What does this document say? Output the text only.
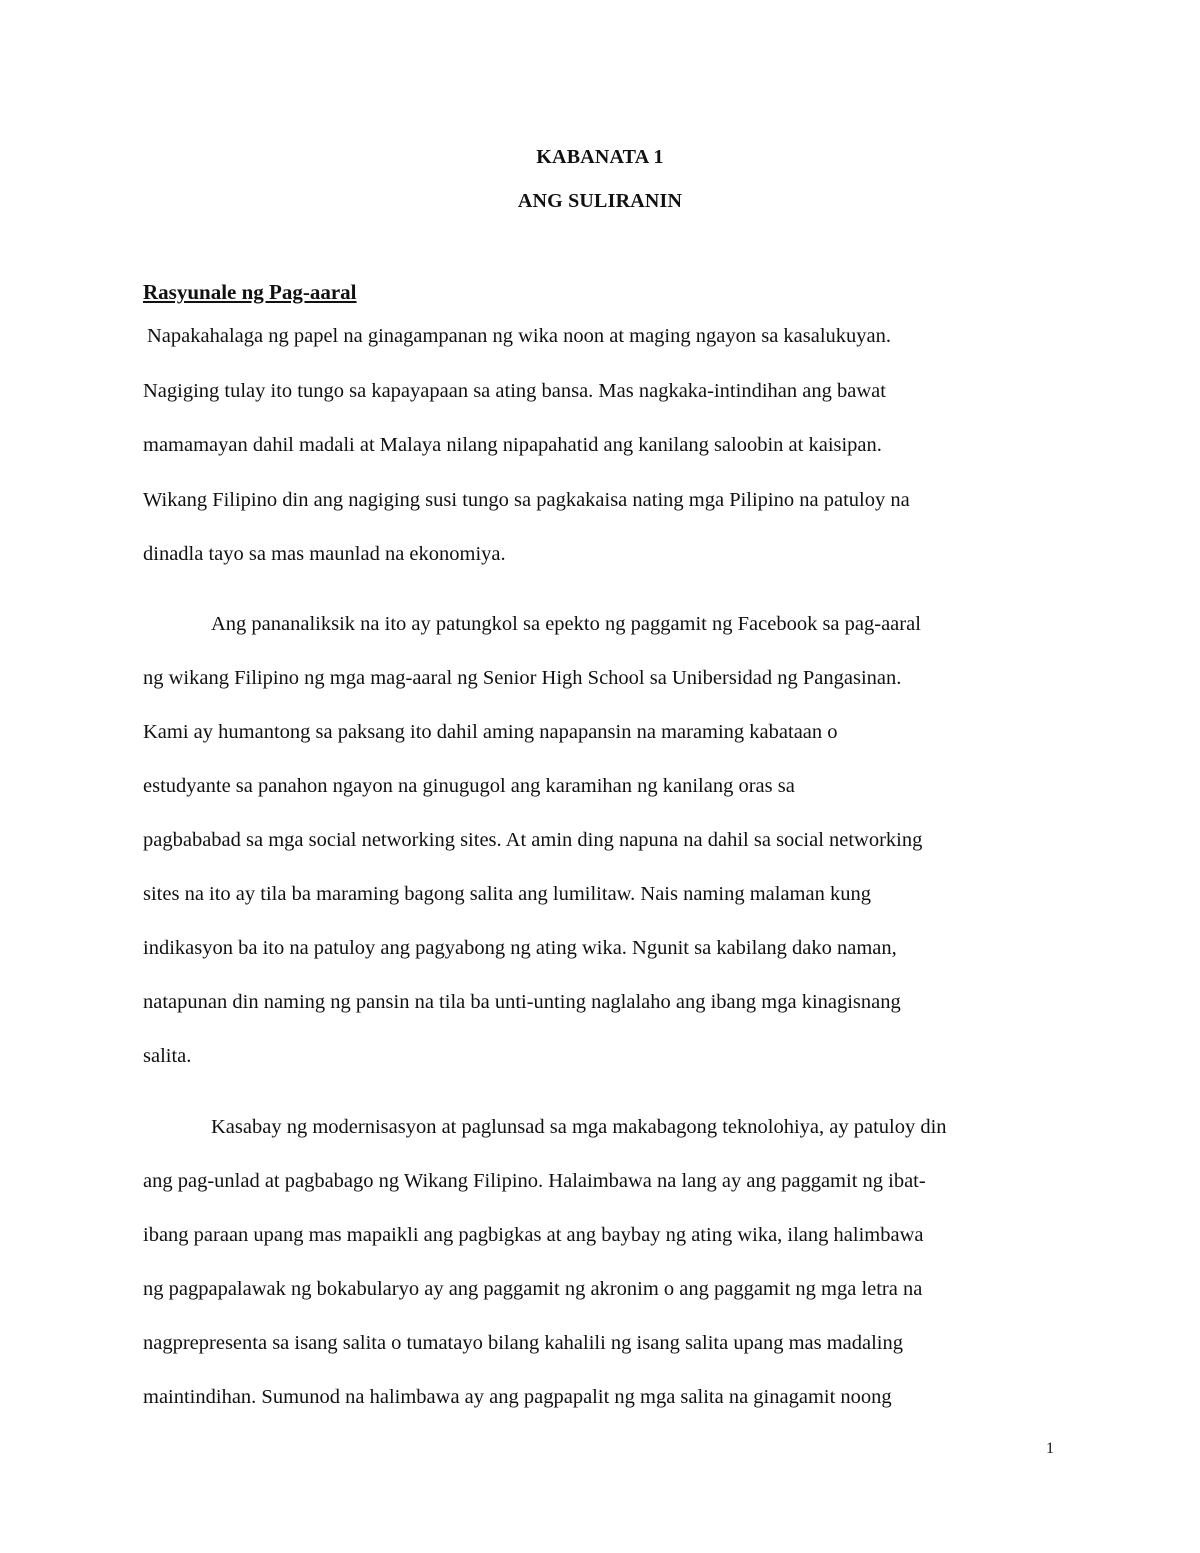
KABANATA 1
ANG SULIRANIN
Rasyunale ng Pag-aaral
Napakahalaga ng papel na ginagampanan ng wika noon at maging ngayon sa kasalukuyan.
Nagiging tulay ito tungo sa kapayapaan sa ating bansa. Mas nagkaka-intindihan ang bawat
mamamayan dahil madali at Malaya nilang nipapahatid ang kanilang saloobin at kaisipan.
Wikang Filipino din ang nagiging susi tungo sa pagkakaisa nating mga Pilipino na patuloy na
dinadla tayo sa mas maunlad na ekonomiya.
Ang pananaliksik na ito ay patungkol sa epekto ng paggamit ng Facebook sa pag-aaral
ng wikang Filipino ng mga mag-aaral ng Senior High School sa Unibersidad ng Pangasinan.
Kami ay humantong sa paksang ito dahil aming napapansin na maraming kabataan o
estudyante sa panahon ngayon na ginugugol ang karamihan ng kanilang oras sa
pagbababad sa mga social networking sites. At amin ding napuna na dahil sa social networking
sites na ito ay tila ba maraming bagong salita ang lumilitaw. Nais naming malaman kung
indikasyon ba ito na patuloy ang pagyabong ng ating wika. Ngunit sa kabilang dako naman,
natapunan din naming ng pansin na tila ba unti-unting naglalaho ang ibang mga kinagisnang
salita.
Kasabay ng modernisasyon at paglunsad sa mga makabagong teknolohiya, ay patuloy din
ang pag-unlad at pagbabago ng Wikang Filipino. Halaimbawa na lang ay ang paggamit ng ibat-
ibang paraan upang mas mapaikli ang pagbigkas at ang baybay ng ating wika, ilang halimbawa
ng pagpapalawak ng bokabularyo ay ang paggamit ng akronim o ang paggamit ng mga letra na
nagprepresenta sa isang salita o tumatayo bilang kahalili ng isang salita upang mas madaling
maintindihan. Sumunod na halimbawa ay ang pagpapalit ng mga salita na ginagamit noong
1
